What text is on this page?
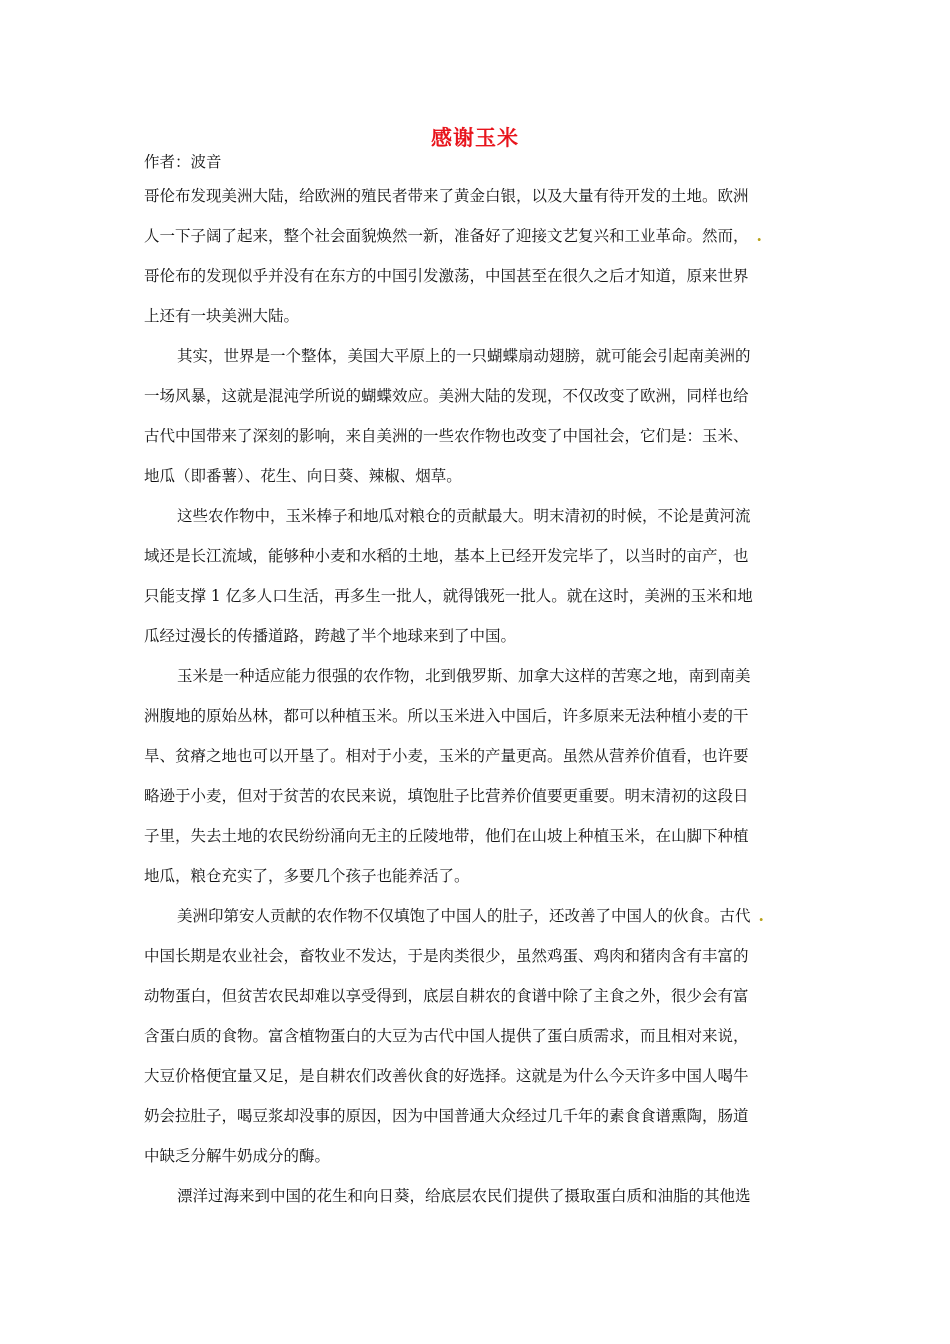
感谢玉米
作者：波音
哥伦布发现美洲大陆，给欧洲的殖民者带来了黄金白银，以及大量有待开发的土地。欧洲
人一下子阔了起来，整个社会面貌焕然一新，准备好了迎接文艺复兴和工业革命。然而， .
哥伦布的发现似乎并没有在东方的中国引发激荡，中国甚至在很久之后才知道，原来世界
上还有一块美洲大陆。
其实，世界是一个整体，美国大平原上的一只蝴蝶扇动翅膀，就可能会引起南美洲的
一场风暴，这就是混沌学所说的蝴蝶效应。美洲大陆的发现，不仅改变了欧洲，同样也给
古代中国带来了深刻的影响，来自美洲的一些农作物也改变了中国社会，它们是：玉米、
地瓜（即番薯）、花生、向日葵、辣椒、烟草。
这些农作物中，玉米棒子和地瓜对粮仓的贡献最大。明末清初的时候，不论是黄河流
域还是长江流域，能够种小麦和水稻的土地，基本上已经开发完毕了，以当时的亩产，也
只能支撑 1 亿多人口生活，再多生一批人，就得饿死一批人。就在这时，美洲的玉米和地
瓜经过漫长的传播道路，跨越了半个地球来到了中国。
玉米是一种适应能力很强的农作物，北到俄罗斯、加拿大这样的苦寒之地，南到南美
洲腹地的原始丛林，都可以种植玉米。所以玉米进入中国后，许多原来无法种植小麦的干
旱、贫瘠之地也可以开垦了。相对于小麦，玉米的产量更高。虽然从营养价值看，也许要
略逊于小麦，但对于贫苦的农民来说，填饱肚子比营养价值要更重要。明末清初的这段日
子里，失去土地的农民纷纷涌向无主的丘陵地带，他们在山坡上种植玉米，在山脚下种植
地瓜，粮仓充实了，多要几个孩子也能养活了。
美洲印第安人贡献的农作物不仅填饱了中国人的肚子，还改善了中国人的伙食。古代 .
中国长期是农业社会，畜牧业不发达，于是肉类很少，虽然鸡蛋、鸡肉和猪肉含有丰富的
动物蛋白，但贫苦农民却难以享受得到，底层自耕农的食谱中除了主食之外，很少会有富
含蛋白质的食物。富含植物蛋白的大豆为古代中国人提供了蛋白质需求，而且相对来说，
大豆价格便宜量又足，是自耕农们改善伙食的好选择。这就是为什么今天许多中国人喝牛
奶会拉肚子，喝豆浆却没事的原因，因为中国普通大众经过几千年的素食食谱熏陶，肠道
中缺乏分解牛奶成分的酶。
漂洋过海来到中国的花生和向日葵，给底层农民们提供了摄取蛋白质和油脂的其他选
